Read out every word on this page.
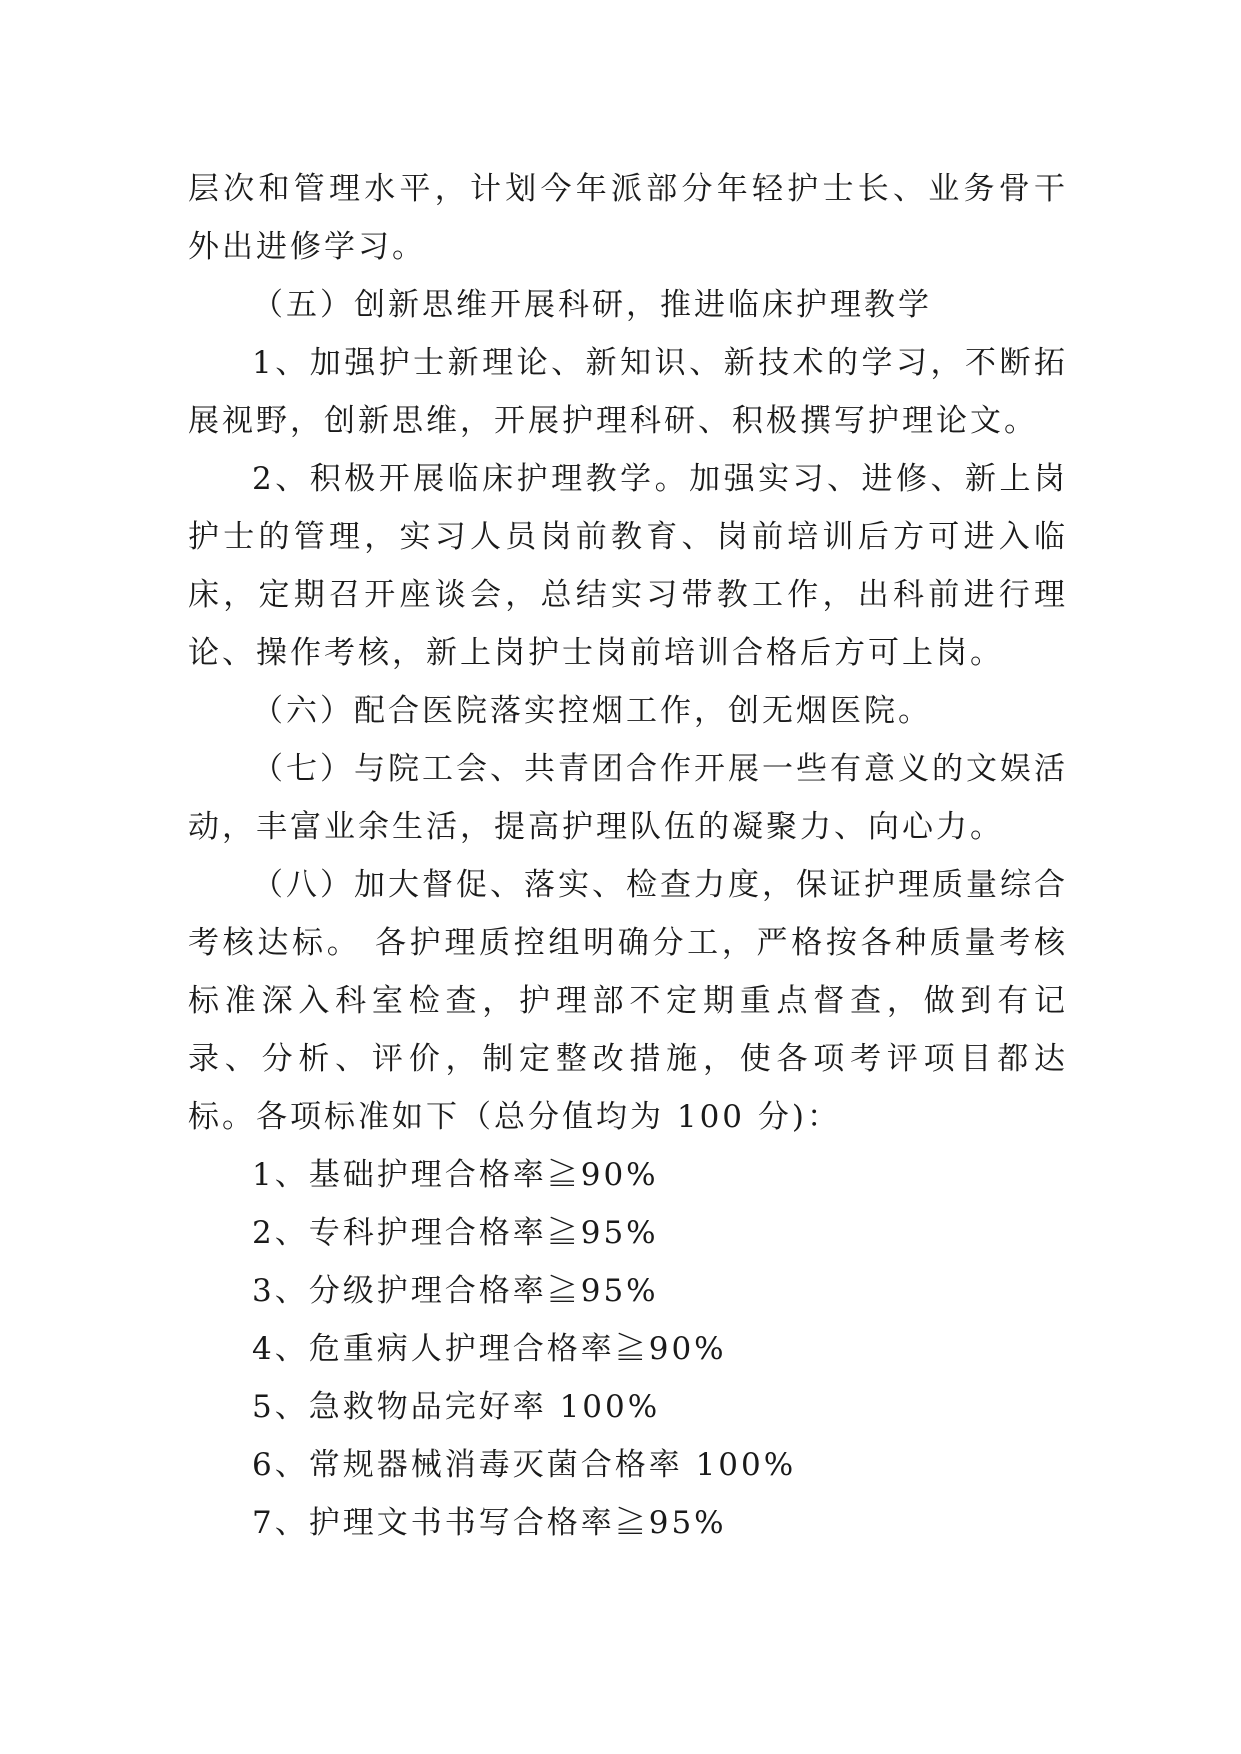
层次和管理水平，计划今年派部分年轻护士长、业务骨干外出进修学习。

（五）创新思维开展科研，推进临床护理教学

1、加强护士新理论、新知识、新技术的学习，不断拓展视野，创新思维，开展护理科研、积极撰写护理论文。

2、积极开展临床护理教学。加强实习、进修、新上岗护士的管理，实习人员岗前教育、岗前培训后方可进入临床，定期召开座谈会，总结实习带教工作，出科前进行理论、操作考核，新上岗护士岗前培训合格后方可上岗。

（六）配合医院落实控烟工作，创无烟医院。

（七）与院工会、共青团合作开展一些有意义的文娱活动，丰富业余生活，提高护理队伍的凝聚力、向心力。

（八）加大督促、落实、检查力度，保证护理质量综合考核达标。 各护理质控组明确分工，严格按各种质量考核标准深入科室检查，护理部不定期重点督查，做到有记录、分析、评价，制定整改措施，使各项考评项目都达标。各项标准如下（总分值均为 100 分)：

1、基础护理合格率≧90%

2、专科护理合格率≧95%

3、分级护理合格率≧95%

4、危重病人护理合格率≧90%

5、急救物品完好率 100%

6、常规器械消毒灭菌合格率 100%

7、护理文书书写合格率≧95%
